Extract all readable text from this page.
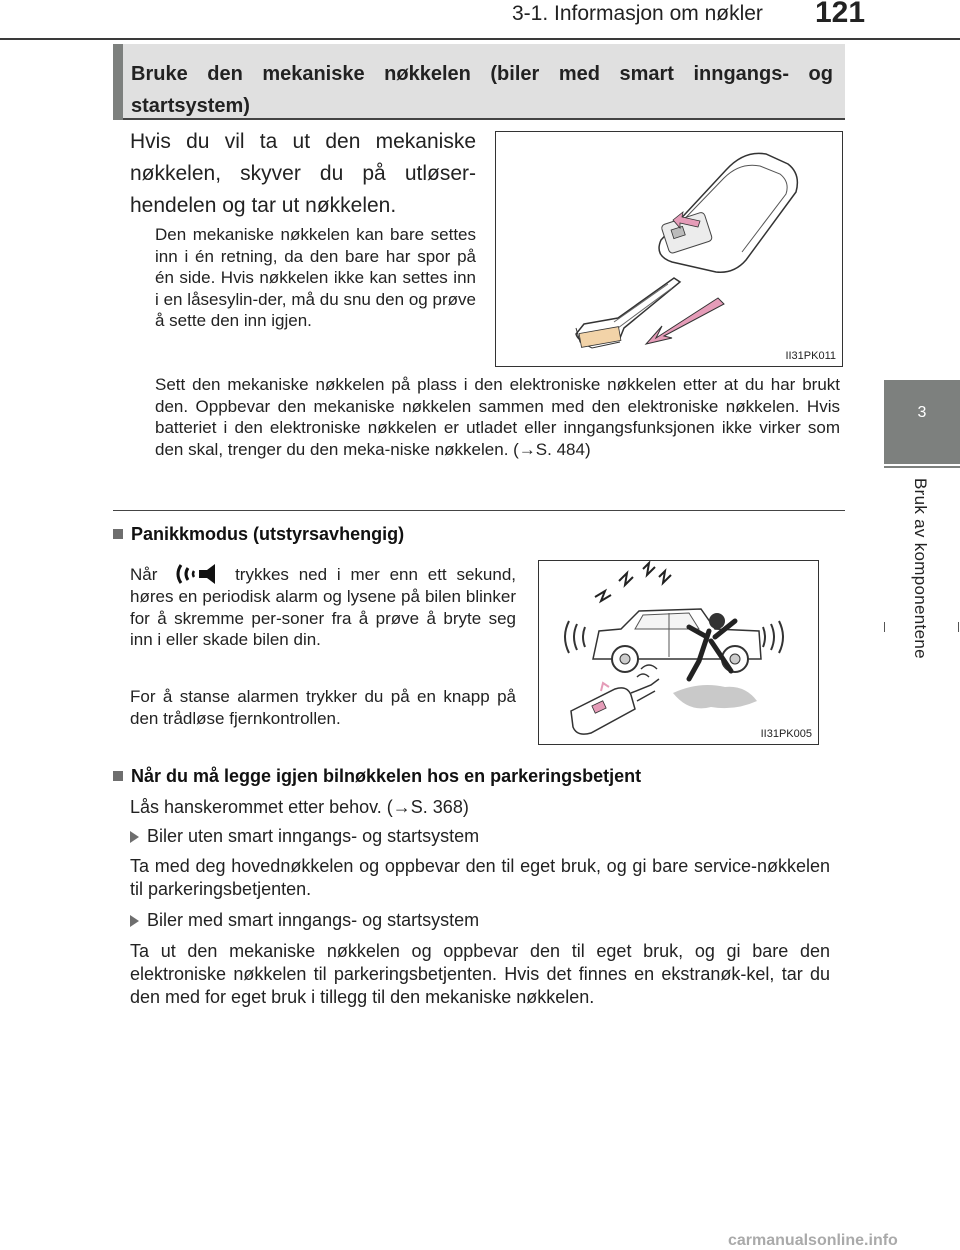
3-1. Informasjon om nøkler 121
3
Bruk av komponentene
Bruke den mekaniske nøkkelen (biler med smart inngangs- og startsystem)
Hvis du vil ta ut den mekaniske nøkkelen, skyver du på utløser-hendelen og tar ut nøkkelen.
Den mekaniske nøkkelen kan bare settes inn i én retning, da den bare har spor på én side. Hvis nøkkelen ikke kan settes inn i en låsesylin-der, må du snu den og prøve å sette den inn igjen.
II31PK011
Sett den mekaniske nøkkelen på plass i den elektroniske nøkkelen etter at du har brukt den. Oppbevar den mekaniske nøkkelen sammen med den elektroniske nøkkelen. Hvis batteriet i den elektroniske nøkkelen er utladet eller inngangsfunksjonen ikke virker som den skal, trenger du den meka-niske nøkkelen. (→S. 484)
Panikkmodus (utstyrsavhengig)
Når	trykkes ned i mer enn ett sekund, høres en periodisk alarm og lysene på bilen blinker for å skremme per-soner fra å prøve å bryte seg inn i eller skade bilen din.
For å stanse alarmen trykker du på en knapp på den trådløse fjernkontrollen.
II31PK005
Når du må legge igjen bilnøkkelen hos en parkeringsbetjent
Lås hanskerommet etter behov. (→S. 368)
Biler uten smart inngangs- og startsystem
Ta med deg hovednøkkelen og oppbevar den til eget bruk, og gi bare service-nøkkelen til parkeringsbetjenten.
Biler med smart inngangs- og startsystem
Ta ut den mekaniske nøkkelen og oppbevar den til eget bruk, og gi bare den elektroniske nøkkelen til parkeringsbetjenten. Hvis det finnes en ekstranøk-kel, tar du den med for eget bruk i tillegg til den mekaniske nøkkelen.
carmanualsonline.info
